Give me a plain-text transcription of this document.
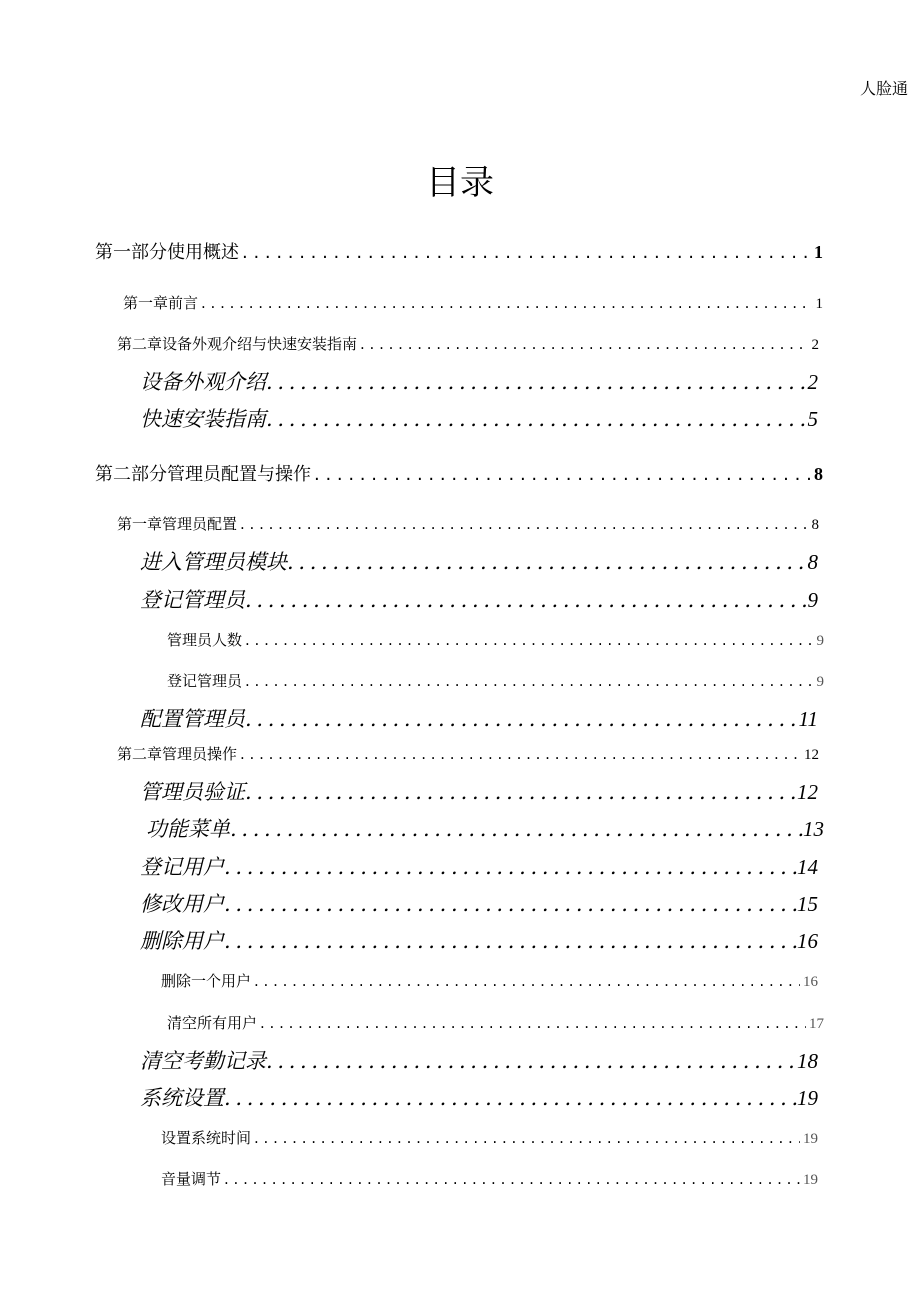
人脸通
目录
第一部分使用概述 . . .	1
第一章前言 . . .	1
第二章设备外观介绍与快速安装指南 . . .	2
设备外观介绍 . . .	2
快速安装指南 . . .	5
第二部分管理员配置与操作 . . .	8
第一章管理员配置 . . .	8
进入管理员模块 . . .	8
登记管理员 . . .	9
管理员人数 . . .	9
登记管理员 . . .	9
配置管理员 . . .	11
第二章管理员操作 . . .	12
管理员验证 . . .	12
功能菜单 . . .	13
登记用户 . . .	14
修改用户 . . .	15
删除用户 . . .	16
删除一个用户 . . .	16
清空所有用户 . . .	17
清空考勤记录 . . .	18
系统设置 . . .	19
设置系统时间 . . .	19
音量调节 . . .	19
